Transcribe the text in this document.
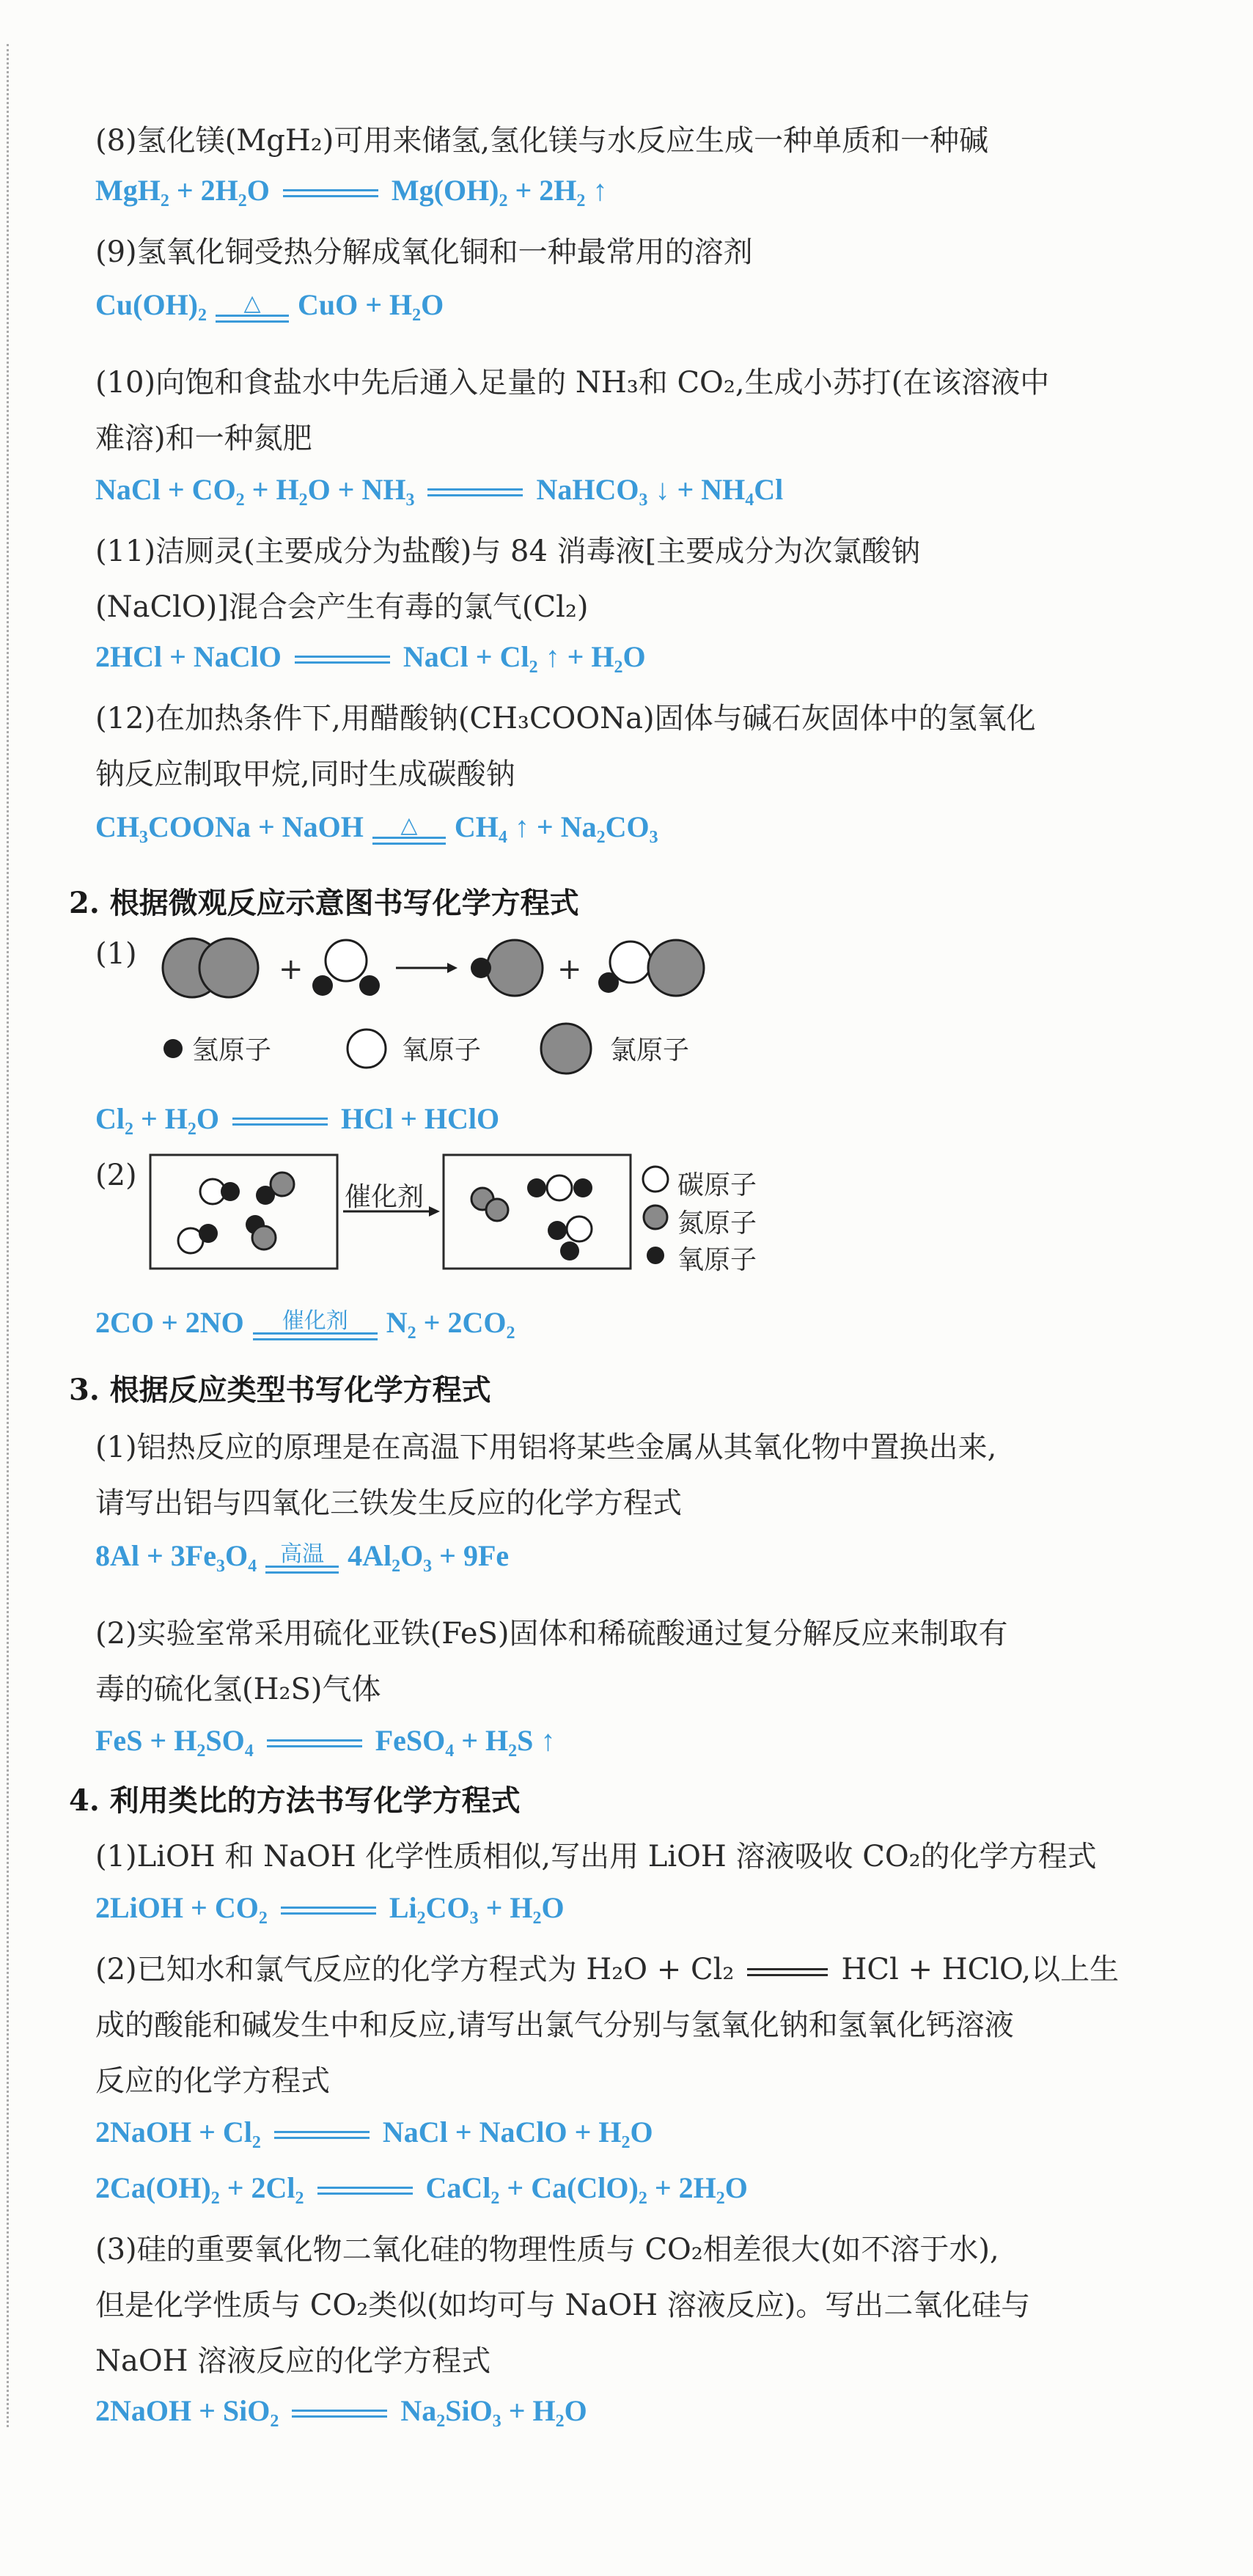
(8)氢化镁(MgH₂)可用来储氢,氢化镁与水反应生成一种单质和一种碱
MgH₂ + 2H₂O	Mg(OH)₂ + 2H₂ ↑
(9)氢氧化铜受热分解成氧化铜和一种最常用的溶剂
Cu(OH)₂	△	CuO + H₂O
(10)向饱和食盐水中先后通入足量的 NH₃和 CO₂,生成小苏打(在该溶液中
难溶)和一种氮肥
NaCl + CO₂ + H₂O + NH₃	NaHCO₃ ↓ + NH₄Cl
(11)洁厕灵(主要成分为盐酸)与 84 消毒液[主要成分为次氯酸钠
(NaClO)]混合会产生有毒的氯气(Cl₂)
2HCl + NaClO	NaCl + Cl₂ ↑ + H₂O
(12)在加热条件下,用醋酸钠(CH₃COONa)固体与碱石灰固体中的氢氧化
钠反应制取甲烷,同时生成碳酸钠
CH₃COONa + NaOH	△	CH₄ ↑ + Na₂CO₃
2. 根据微观反应示意图书写化学方程式
(1)	+	+
氢原子	氧原子	氯原子
Cl₂ + H₂O	HCl + HClO
(2)
催化剂	碳原子
氮原子
氧原子
2CO + 2NO	催化剂	N₂ + 2CO₂
3. 根据反应类型书写化学方程式
(1)铝热反应的原理是在高温下用铝将某些金属从其氧化物中置换出来,
请写出铝与四氧化三铁发生反应的化学方程式
8Al + 3Fe₃O₄	高温 4Al₂O₃ + 9Fe
(2)实验室常采用硫化亚铁(FeS)固体和稀硫酸通过复分解反应来制取有
毒的硫化氢(H₂S)气体
FeS + H₂SO₄	FeSO₄ + H₂S ↑
4. 利用类比的方法书写化学方程式
(1)LiOH 和 NaOH 化学性质相似,写出用 LiOH 溶液吸收 CO₂的化学方程式
2LiOH + CO₂	Li₂CO₃ + H₂O
(2)已知水和氯气反应的化学方程式为 H₂O + Cl₂	HCl + HClO,以上生
成的酸能和碱发生中和反应,请写出氯气分别与氢氧化钠和氢氧化钙溶液
反应的化学方程式
2NaOH + Cl₂	NaCl + NaClO + H₂O
2Ca(OH)₂ + 2Cl₂	CaCl₂ + Ca(ClO)₂ + 2H₂O
(3)硅的重要氧化物二氧化硅的物理性质与 CO₂相差很大(如不溶于水),
但是化学性质与 CO₂类似(如均可与 NaOH 溶液反应)。写出二氧化硅与
NaOH 溶液反应的化学方程式
2NaOH + SiO₂	Na₂SiO₃ + H₂O
